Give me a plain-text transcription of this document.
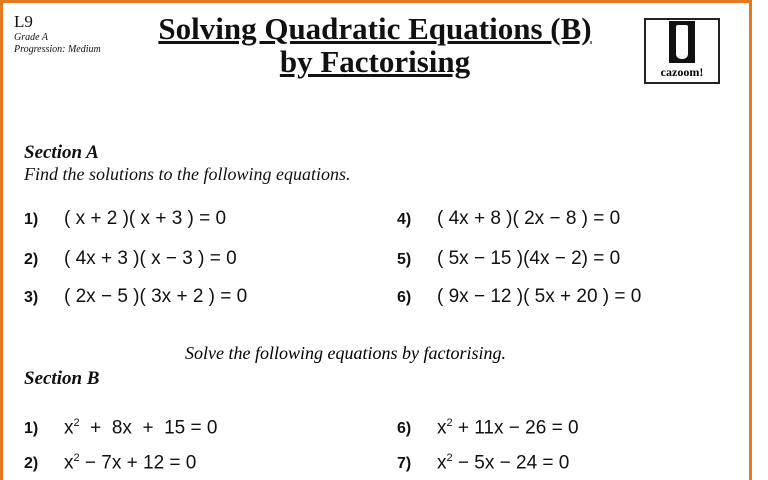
L9
Grade A
Progression: Medium
Solving Quadratic Equations (B)
by Factorising	cazoom!
Section A
Find the solutions to the following equations.
1) ( x + 2 )( x + 3 ) = 0
2) ( 4x + 3 )( x − 3 ) = 0
3) ( 2x − 5 )( 3x + 2 ) = 0
4) ( 4x + 8 )( 2x − 8 ) = 0
5) ( 5x − 15 )(4x − 2) = 0
6) ( 9x − 12 )( 5x + 20 ) = 0
Solve the following equations by factorising.
Section B
1) $x^2 + 8x + 15 = 0$
2) $x^2 - 7x + 12 = 0$
6) $x^2 + 11x - 26 = 0$
7) $x^2 - 5x - 24 = 0$
